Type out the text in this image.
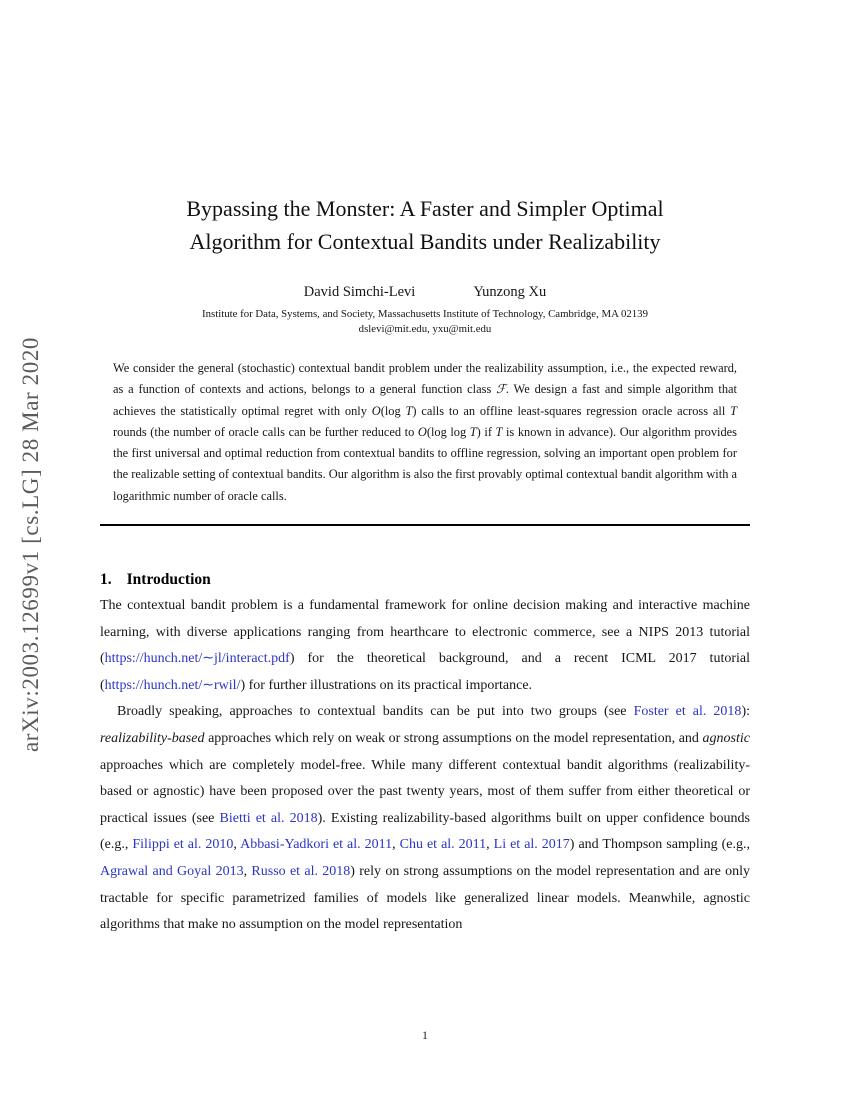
arXiv:2003.12699v1 [cs.LG] 28 Mar 2020
Bypassing the Monster: A Faster and Simpler Optimal
Algorithm for Contextual Bandits under Realizability
David Simchi-Levi	Yunzong Xu
Institute for Data, Systems, and Society, Massachusetts Institute of Technology, Cambridge, MA 02139
dslevi@mit.edu, yxu@mit.edu
We consider the general (stochastic) contextual bandit problem under the realizability assumption, i.e., the expected reward, as a function of contexts and actions, belongs to a general function class ℱ. We design a fast and simple algorithm that achieves the statistically optimal regret with only O(log T) calls to an offline least-squares regression oracle across all T rounds (the number of oracle calls can be further reduced to O(log log T) if T is known in advance). Our algorithm provides the first universal and optimal reduction from contextual bandits to offline regression, solving an important open problem for the realizable setting of contextual bandits. Our algorithm is also the first provably optimal contextual bandit algorithm with a logarithmic number of oracle calls.
1. Introduction

The contextual bandit problem is a fundamental framework for online decision making and interactive machine learning, with diverse applications ranging from hearthcare to electronic commerce, see a NIPS 2013 tutorial (https://hunch.net/∼jl/interact.pdf) for the theoretical background, and a recent ICML 2017 tutorial (https://hunch.net/∼rwil/) for further illustrations on its practical importance.

Broadly speaking, approaches to contextual bandits can be put into two groups (see Foster et al. 2018): realizability-based approaches which rely on weak or strong assumptions on the model representation, and agnostic approaches which are completely model-free. While many different contextual bandit algorithms (realizability-based or agnostic) have been proposed over the past twenty years, most of them suffer from either theoretical or practical issues (see Bietti et al. 2018). Existing realizability-based algorithms built on upper confidence bounds (e.g., Filippi et al. 2010, Abbasi-Yadkori et al. 2011, Chu et al. 2011, Li et al. 2017) and Thompson sampling (e.g., Agrawal and Goyal 2013, Russo et al. 2018) rely on strong assumptions on the model representation and are only tractable for specific parametrized families of models like generalized linear models. Meanwhile, agnostic algorithms that make no assumption on the model representation

1
